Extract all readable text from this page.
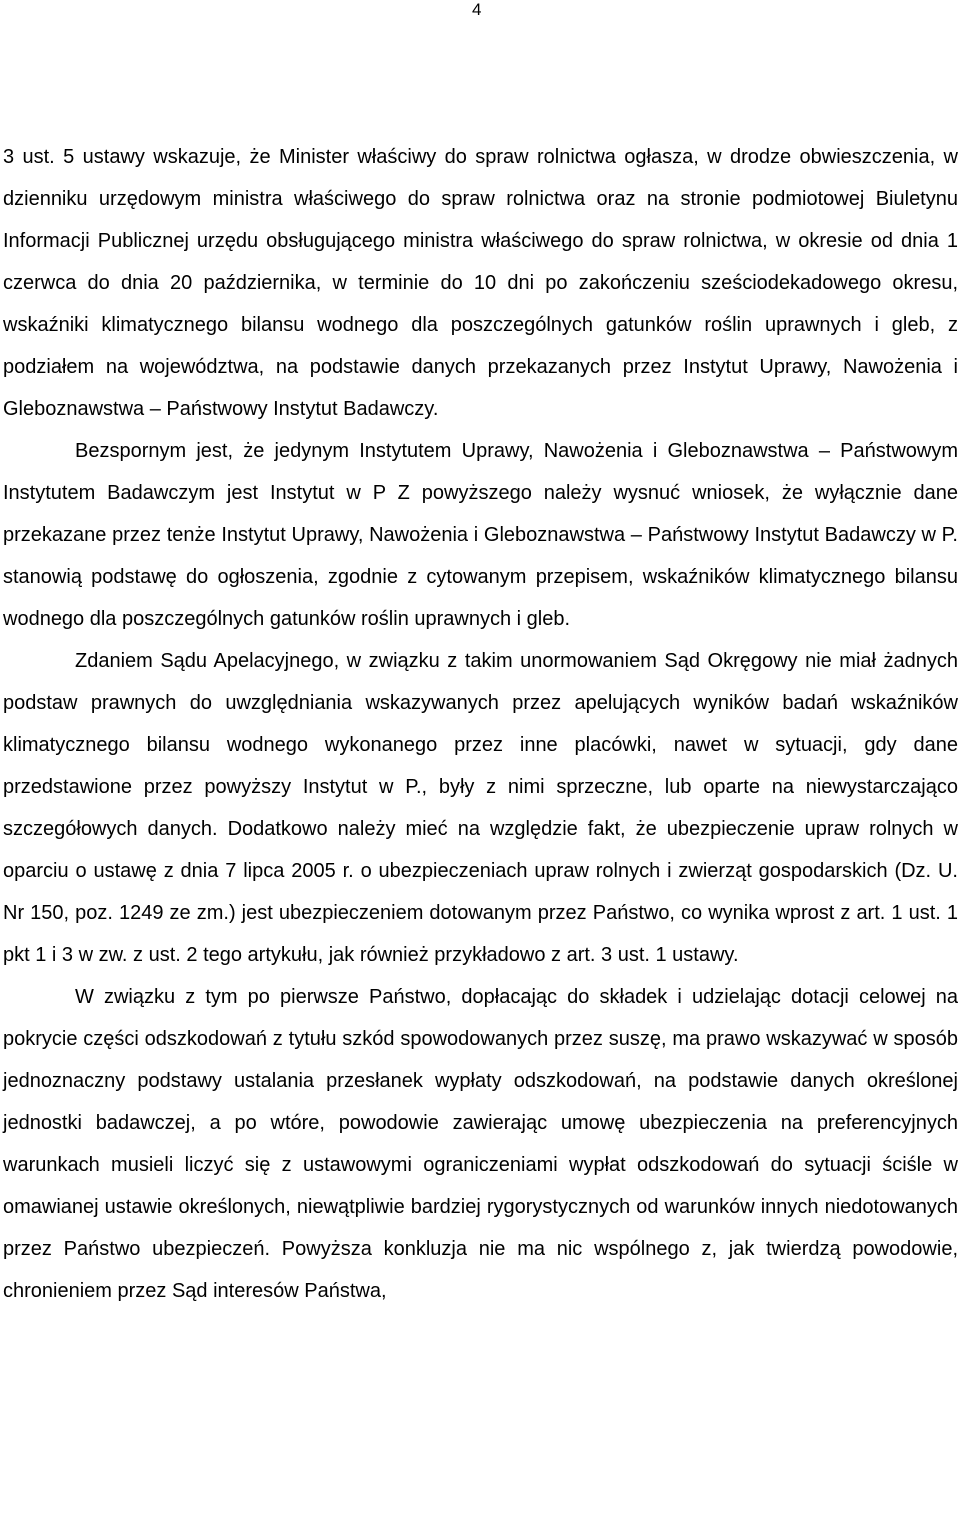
4

3 ust. 5 ustawy wskazuje, że Minister właściwy do spraw rolnictwa ogłasza, w drodze obwieszczenia, w dzienniku urzędowym ministra właściwego do spraw rolnictwa oraz na stronie podmiotowej Biuletynu Informacji Publicznej urzędu obsługującego ministra właściwego do spraw rolnictwa, w okresie od dnia 1 czerwca do dnia 20 października, w terminie do 10 dni po zakończeniu sześciodekadowego okresu, wskaźniki klimatycznego bilansu wodnego dla poszczególnych gatunków roślin uprawnych i gleb, z podziałem na województwa, na podstawie danych przekazanych przez Instytut Uprawy, Nawożenia i Gleboznawstwa – Państwowy Instytut Badawczy.

Bezspornym jest, że jedynym Instytutem Uprawy, Nawożenia i Gleboznawstwa – Państwowym Instytutem Badawczym jest Instytut w P Z powyższego należy wysnuć wniosek, że wyłącznie dane przekazane przez tenże Instytut Uprawy, Nawożenia i Gleboznawstwa – Państwowy Instytut Badawczy w P. stanowią podstawę do ogłoszenia, zgodnie z cytowanym przepisem, wskaźników klimatycznego bilansu wodnego dla poszczególnych gatunków roślin uprawnych i gleb.

Zdaniem Sądu Apelacyjnego, w związku z takim unormowaniem Sąd Okręgowy nie miał żadnych podstaw prawnych do uwzględniania wskazywanych przez apelujących wyników badań wskaźników klimatycznego bilansu wodnego wykonanego przez inne placówki, nawet w sytuacji, gdy dane przedstawione przez powyższy Instytut w P., były z nimi sprzeczne, lub oparte na niewystarczająco szczegółowych danych. Dodatkowo należy mieć na względzie fakt, że ubezpieczenie upraw rolnych w oparciu o ustawę z dnia 7 lipca 2005 r. o ubezpieczeniach upraw rolnych i zwierząt gospodarskich (Dz. U. Nr 150, poz. 1249 ze zm.) jest ubezpieczeniem dotowanym przez Państwo, co wynika wprost z art. 1 ust. 1 pkt 1 i 3 w zw. z ust. 2 tego artykułu, jak również przykładowo z art. 3 ust. 1 ustawy.

W związku z tym po pierwsze Państwo, dopłacając do składek i udzielając dotacji celowej na pokrycie części odszkodowań z tytułu szkód spowodowanych przez suszę, ma prawo wskazywać w sposób jednoznaczny podstawy ustalania przesłanek wypłaty odszkodowań, na podstawie danych określonej jednostki badawczej, a po wtóre, powodowie zawierając umowę ubezpieczenia na preferencyjnych warunkach musieli liczyć się z ustawowymi ograniczeniami wypłat odszkodowań do sytuacji ściśle w omawianej ustawie określonych, niewątpliwie bardziej rygorystycznych od warunków innych niedotowanych przez Państwo ubezpieczeń. Powyższa konkluzja nie ma nic wspólnego z, jak twierdzą powodowie, chronieniem przez Sąd interesów Państwa,
